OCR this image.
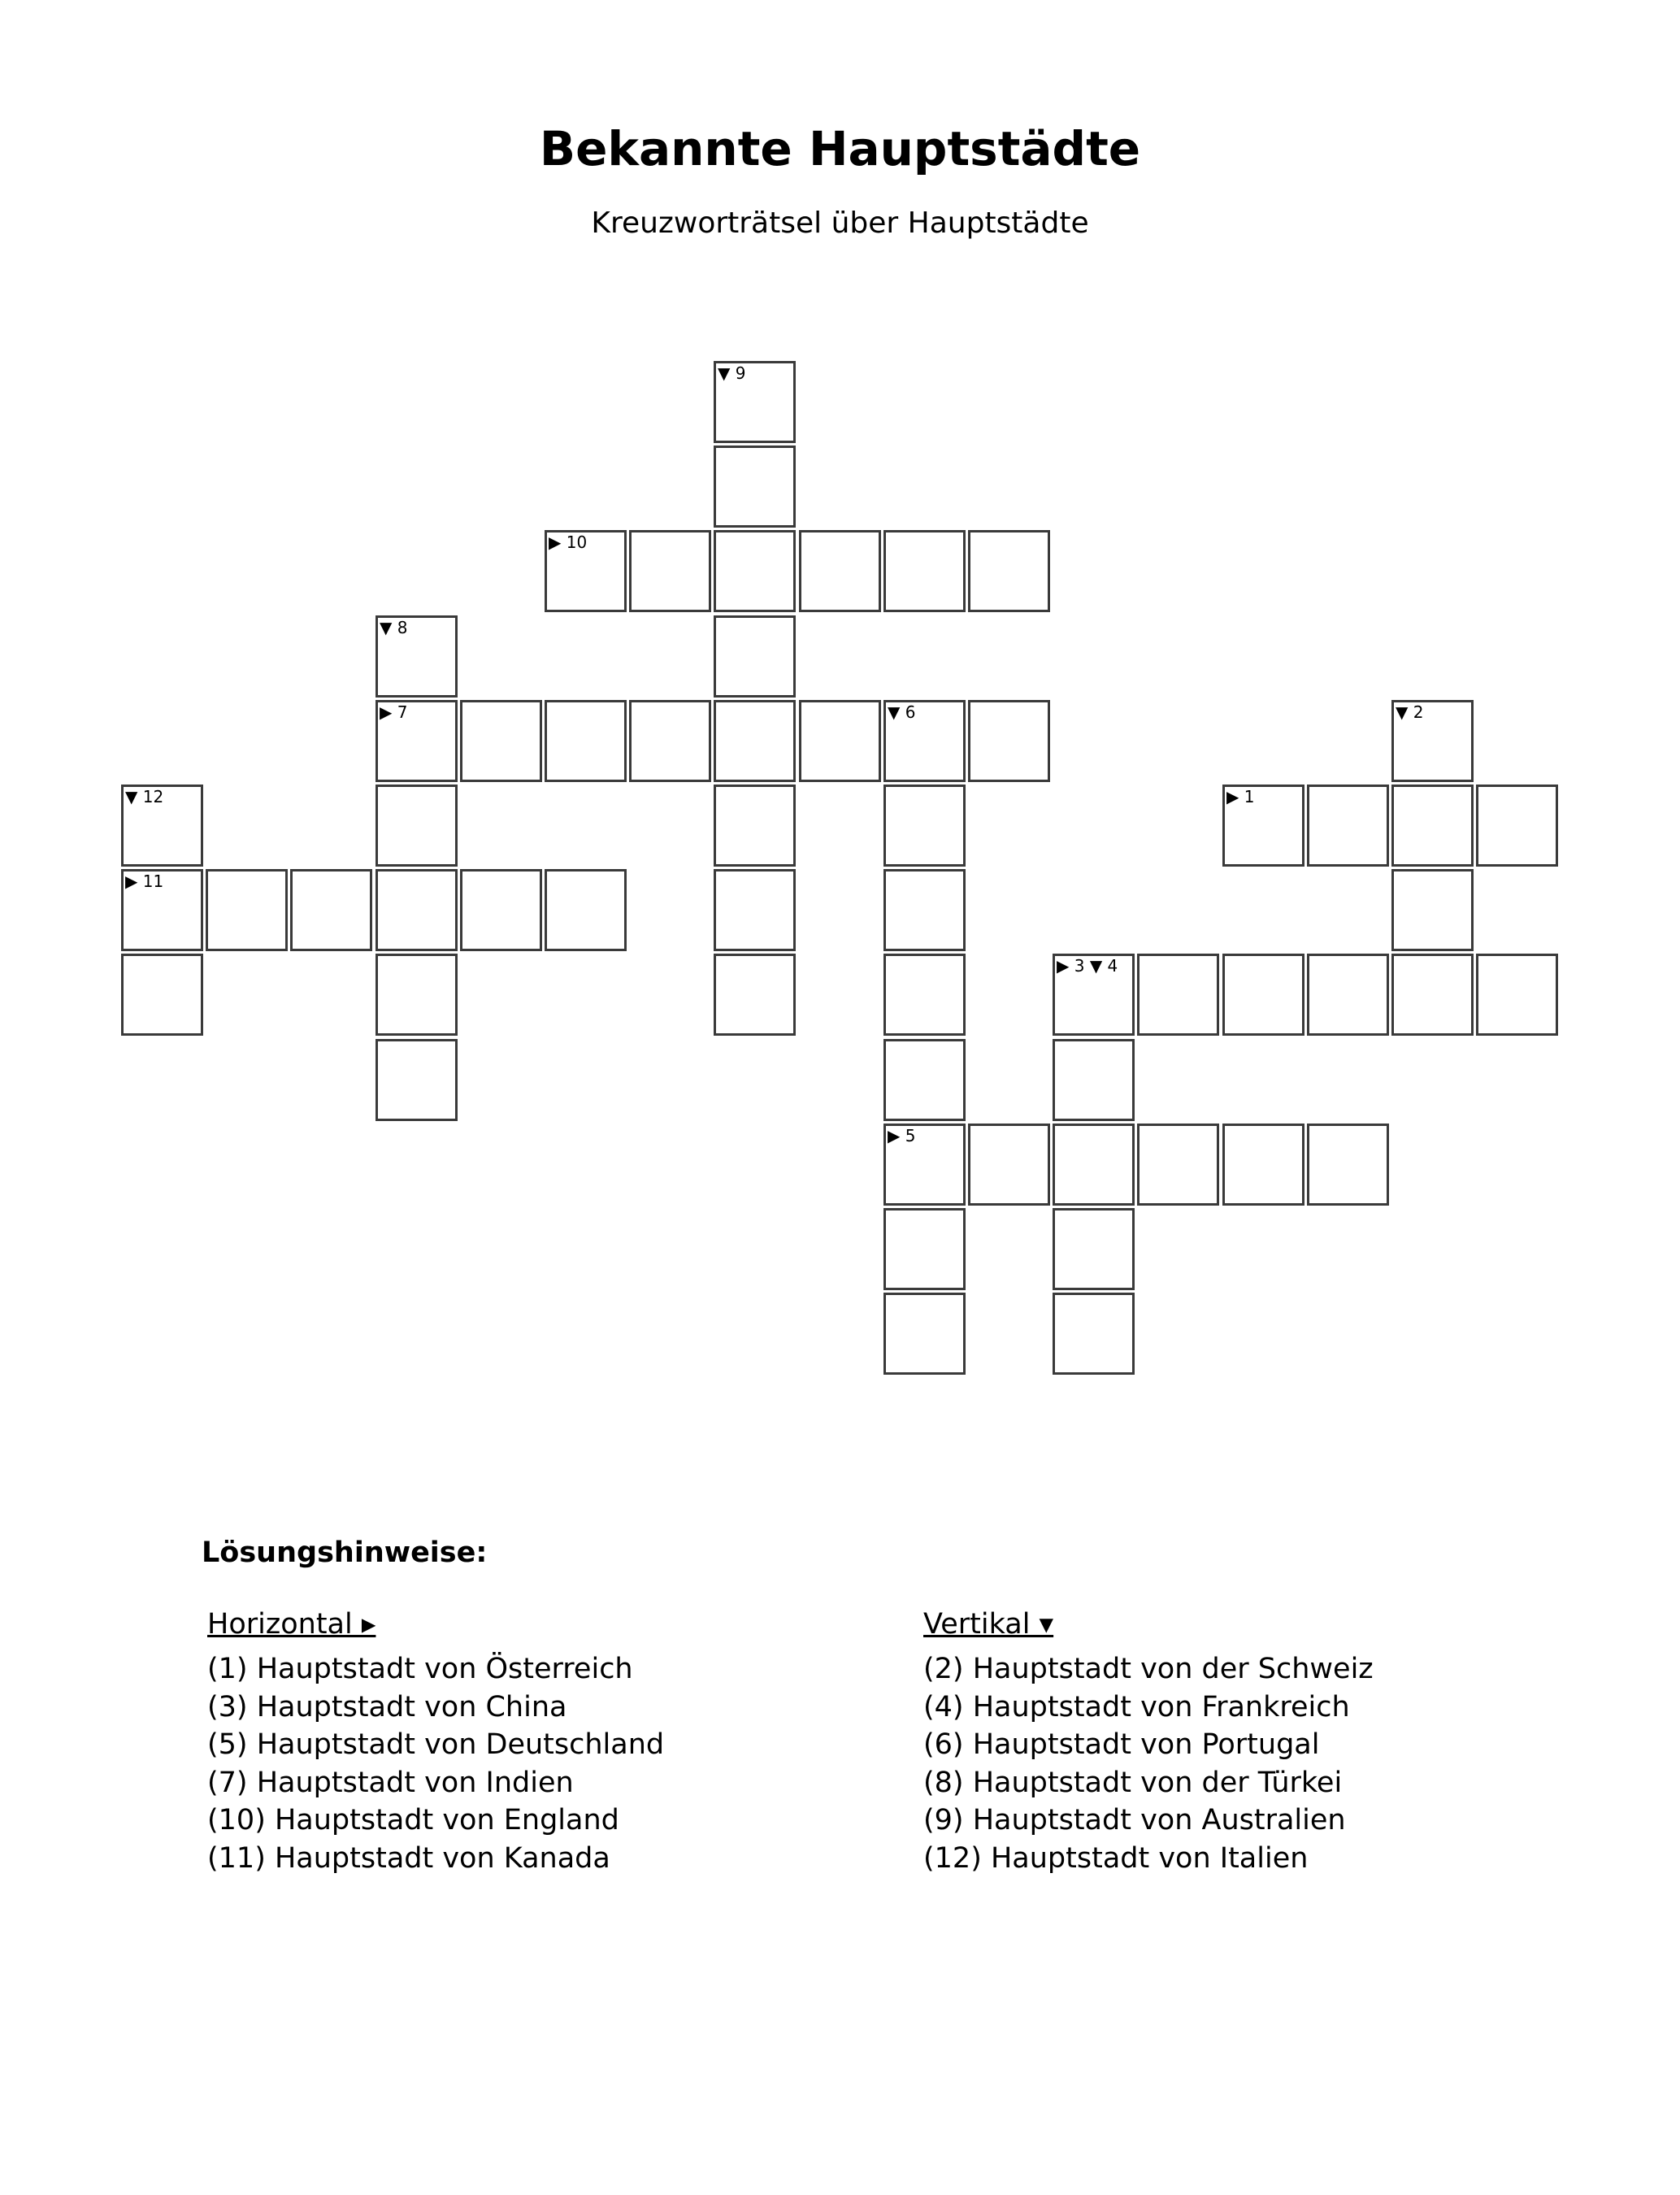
Bekannte Hauptstädte
Kreuzworträtsel über Hauptstädte
▶ 1
▼ 2
▶ 3 ▼ 4
▶ 5
▼ 6
▶ 7
▼ 8
▼ 9
▶ 10
▶ 11
▼ 12
Lösungshinweise:
Horizontal ▸
(1) Hauptstadt von Österreich
(3) Hauptstadt von China
(5) Hauptstadt von Deutschland
(7) Hauptstadt von Indien
(10) Hauptstadt von England
(11) Hauptstadt von Kanada
Vertikal ▾
(2) Hauptstadt von der Schweiz
(4) Hauptstadt von Frankreich
(6) Hauptstadt von Portugal
(8) Hauptstadt von der Türkei
(9) Hauptstadt von Australien
(12) Hauptstadt von Italien
